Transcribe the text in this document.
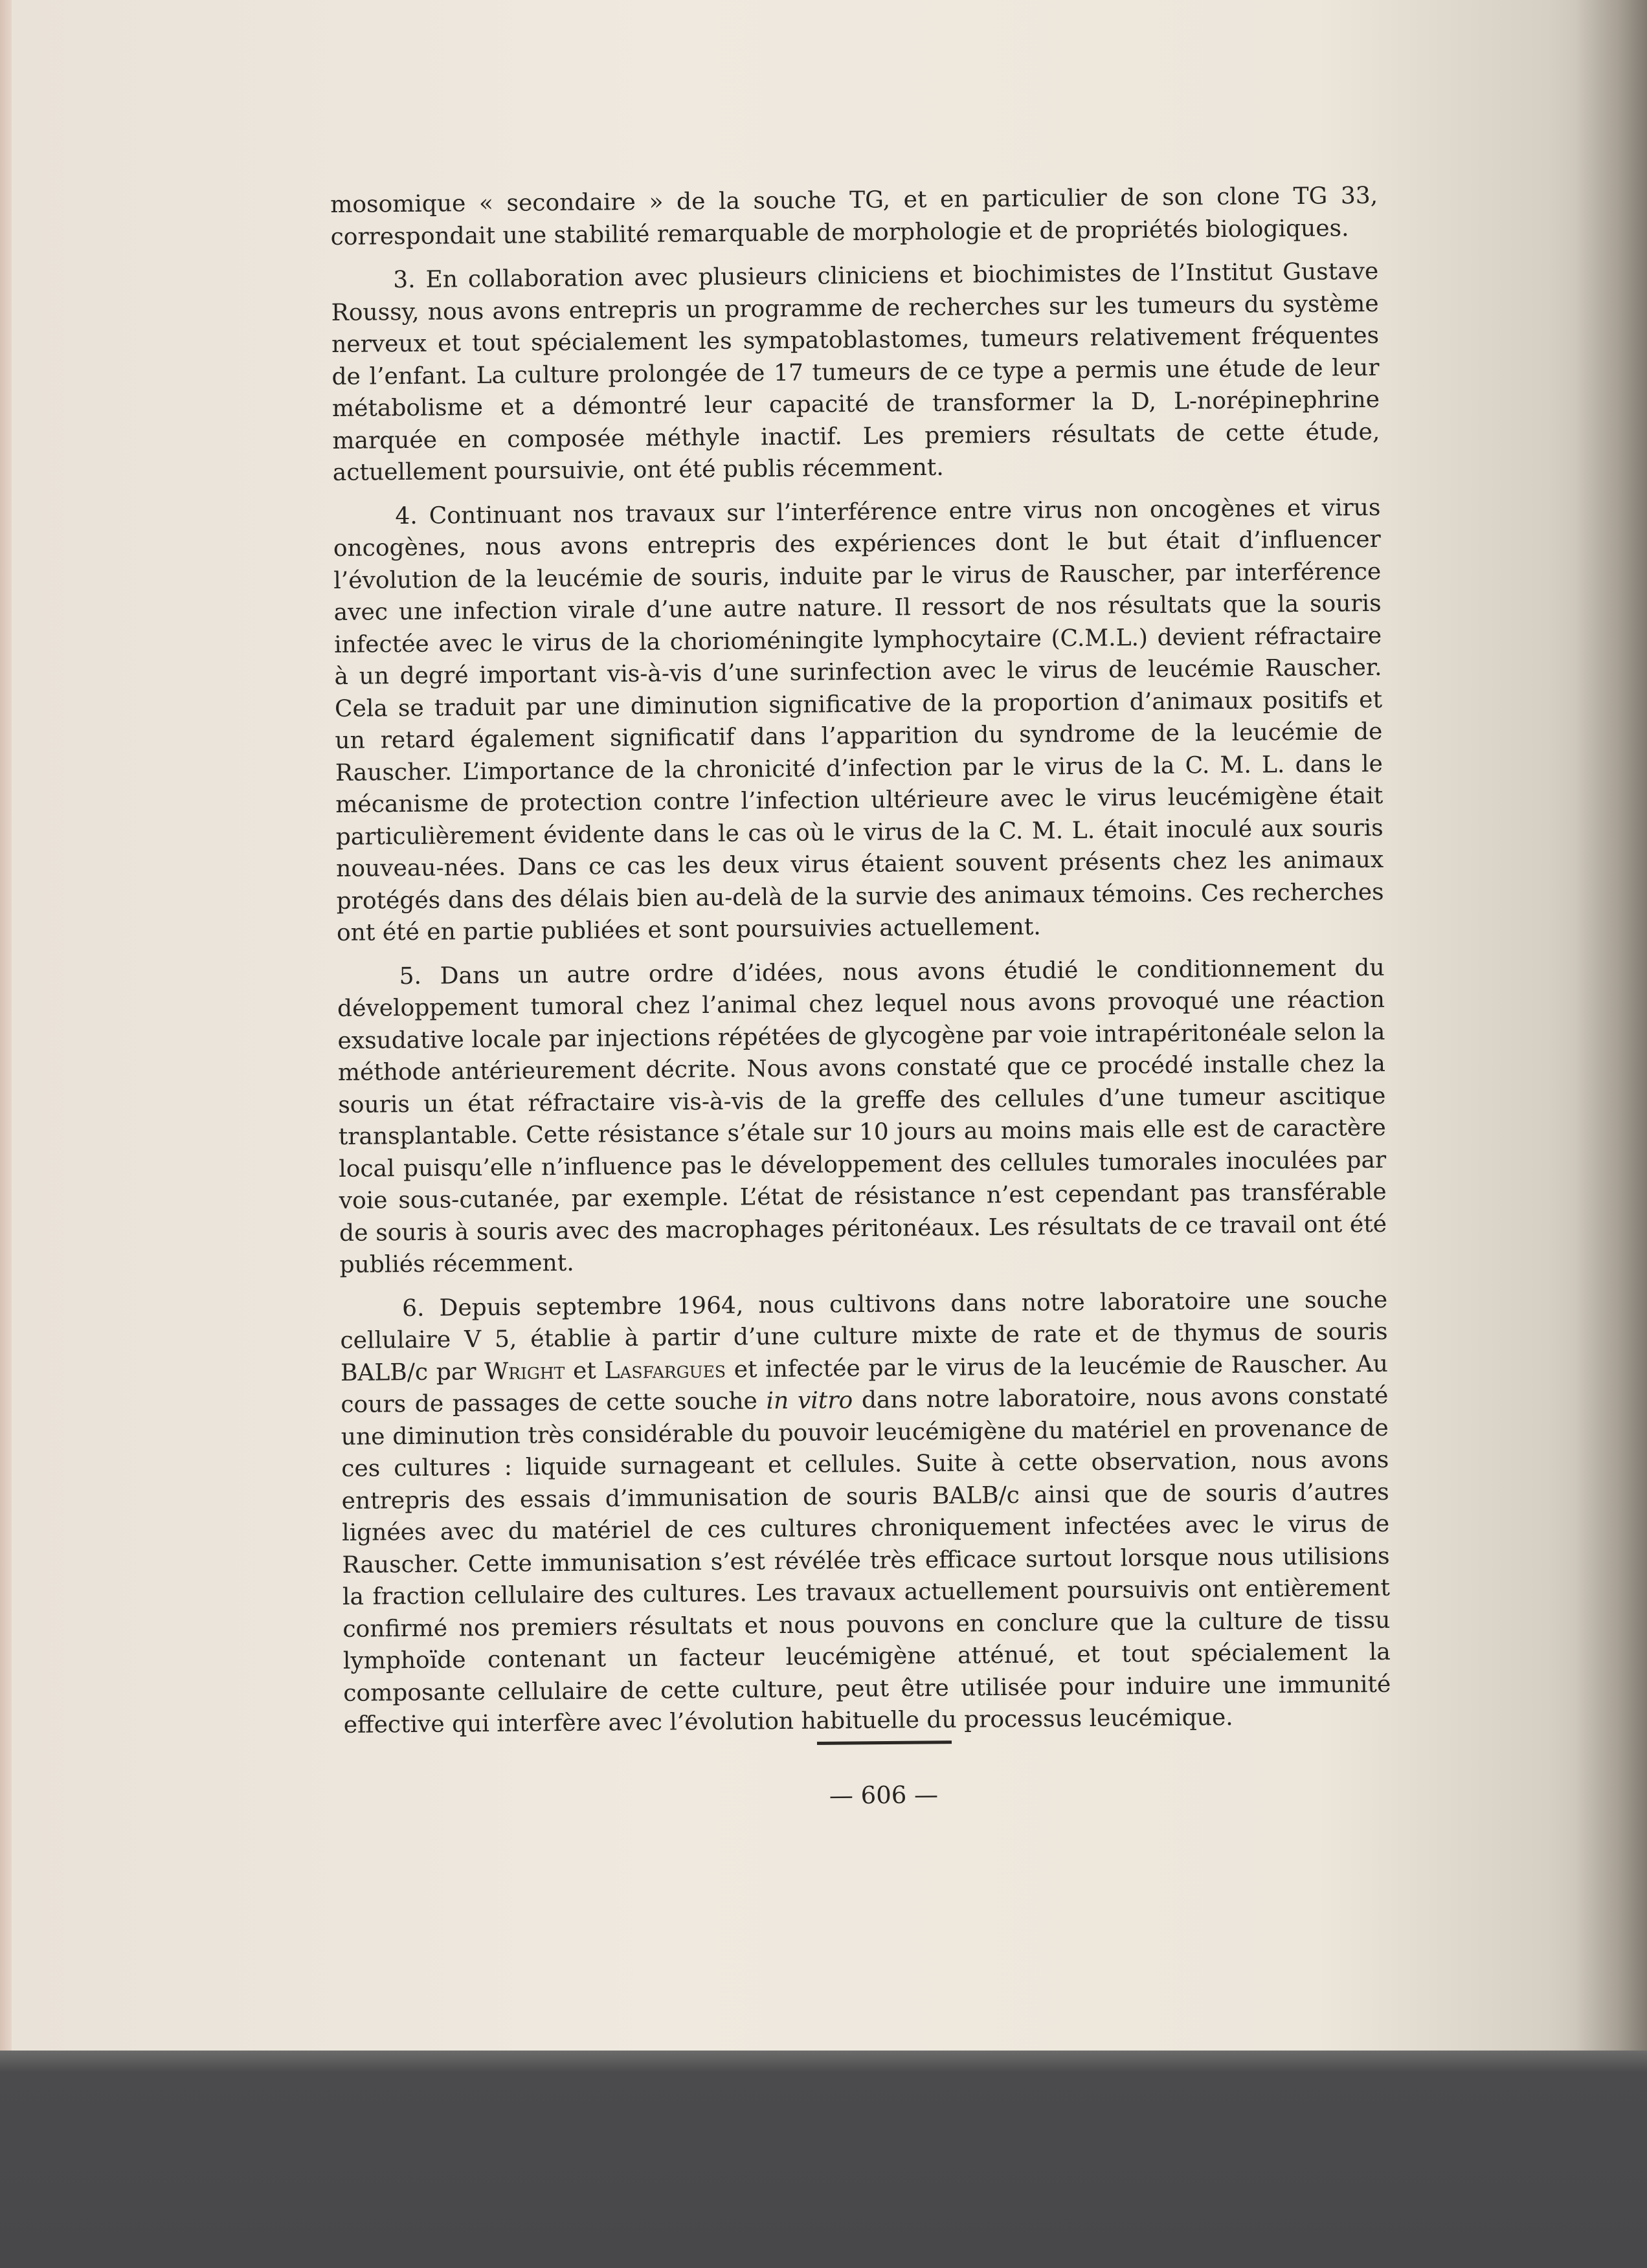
mosomique « secondaire » de la souche TG, et en particulier de son clone TG 33, correspondait une stabilité remarquable de morphologie et de propriétés biologiques.

3. En collaboration avec plusieurs cliniciens et biochimistes de l’Institut Gustave Roussy, nous avons entrepris un programme de recherches sur les tumeurs du système nerveux et tout spécialement les sympatoblastomes, tumeurs relativement fréquentes de l’enfant. La culture prolongée de 17 tumeurs de ce type a permis une étude de leur métabolisme et a démontré leur capacité de transformer la D, L-norépinephrine marquée en composée méthyle inactif. Les premiers résultats de cette étude, actuellement poursuivie, ont été publis récemment.

4. Continuant nos travaux sur l’interférence entre virus non oncogènes et virus oncogènes, nous avons entrepris des expériences dont le but était d’influencer l’évolution de la leucémie de souris, induite par le virus de Rauscher, par interférence avec une infection virale d’une autre nature. Il ressort de nos résultats que la souris infectée avec le virus de la chorioméningite lymphocytaire (C.M.L.) devient réfractaire à un degré important vis-à-vis d’une surinfection avec le virus de leucémie Rauscher. Cela se traduit par une diminution significative de la proportion d’animaux positifs et un retard également significatif dans l’apparition du syndrome de la leucémie de Rauscher. L’importance de la chronicité d’infection par le virus de la C. M. L. dans le mécanisme de protection contre l’infection ultérieure avec le virus leucémigène était particulièrement évidente dans le cas où le virus de la C. M. L. était inoculé aux souris nouveau-nées. Dans ce cas les deux virus étaient souvent présents chez les animaux protégés dans des délais bien au-delà de la survie des animaux témoins. Ces recherches ont été en partie publiées et sont poursuivies actuellement.

5. Dans un autre ordre d’idées, nous avons étudié le conditionnement du développement tumoral chez l’animal chez lequel nous avons provoqué une réaction exsudative locale par injections répétées de glycogène par voie intrapéritonéale selon la méthode antérieurement décrite. Nous avons constaté que ce procédé installe chez la souris un état réfractaire vis-à-vis de la greffe des cellules d’une tumeur ascitique transplantable. Cette résistance s’étale sur 10 jours au moins mais elle est de caractère local puisqu’elle n’influence pas le développement des cellules tumorales inoculées par voie sous-cutanée, par exemple. L’état de résistance n’est cependant pas transférable de souris à souris avec des macrophages péritonéaux. Les résultats de ce travail ont été publiés récemment.

6. Depuis septembre 1964, nous cultivons dans notre laboratoire une souche cellulaire V 5, établie à partir d’une culture mixte de rate et de thymus de souris BALB/c par Wright et Lasfargues et infectée par le virus de la leucémie de Rauscher. Au cours de passages de cette souche in vitro dans notre laboratoire, nous avons constaté une diminution très considérable du pouvoir leucémigène du matériel en provenance de ces cultures : liquide surnageant et cellules. Suite à cette observation, nous avons entrepris des essais d’immunisation de souris BALB/c ainsi que de souris d’autres lignées avec du matériel de ces cultures chroniquement infectées avec le virus de Rauscher. Cette immunisation s’est révélée très efficace surtout lorsque nous utilisions la fraction cellulaire des cultures. Les travaux actuellement poursuivis ont entièrement confirmé nos premiers résultats et nous pouvons en conclure que la culture de tissu lymphoïde contenant un facteur leucémigène atténué, et tout spécialement la composante cellulaire de cette culture, peut être utilisée pour induire une immunité effective qui interfère avec l’évolution habituelle du processus leucémique.

— 606 —
